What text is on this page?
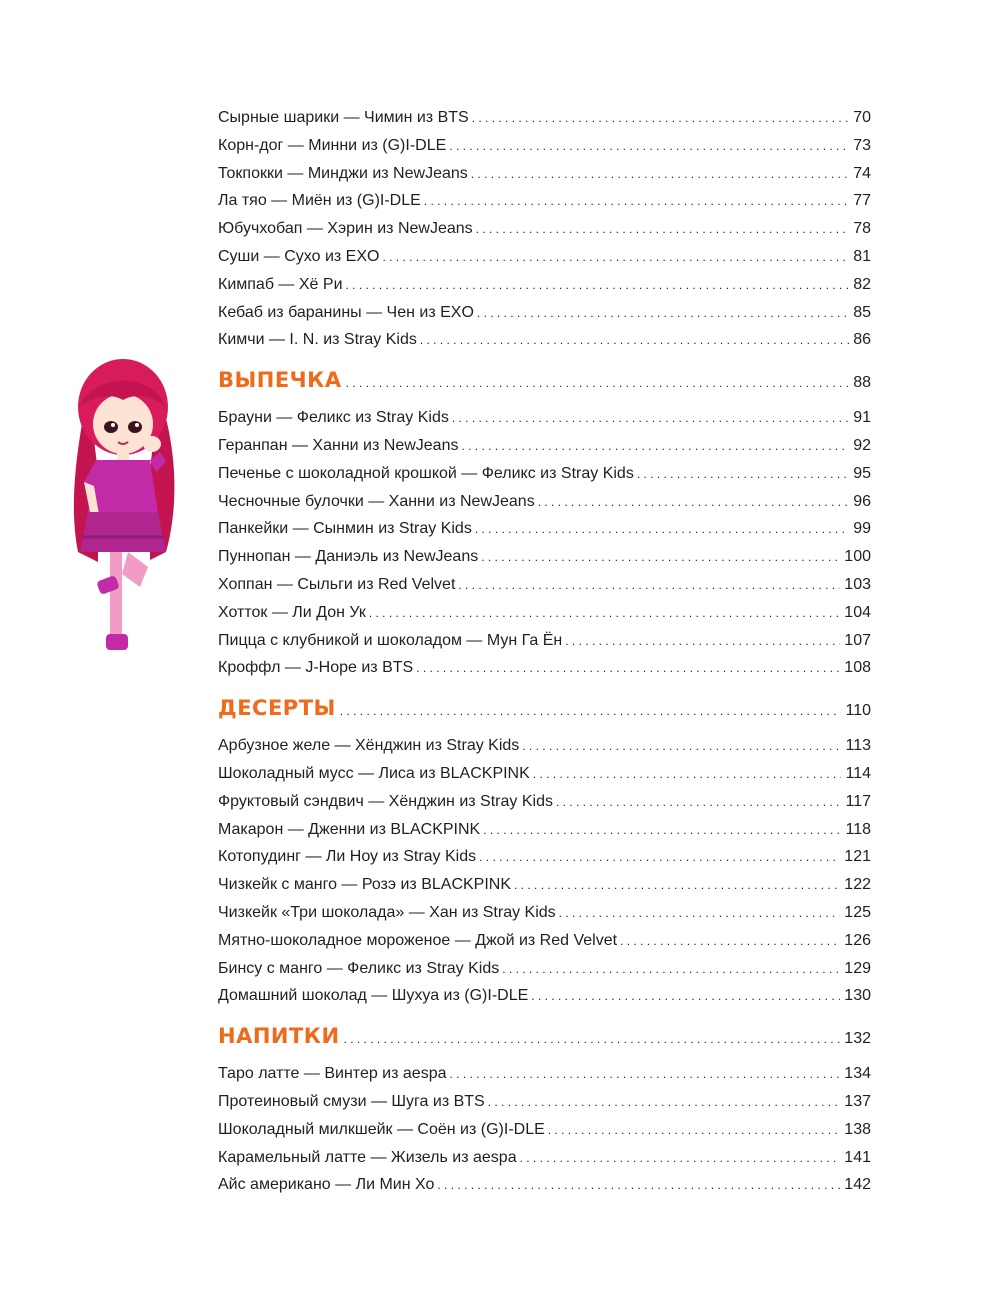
Сырные шарики — Чимин из BTS . . .	70
Корн-дог — Минни из (G)I-DLE . . .	73
Токпокки — Минджи из NewJeans . . .	74
Ла тяо — Миён из (G)I-DLE . . .	77
Юбучхобап — Хэрин из NewJeans . . .	78
Суши — Сухо из EXO . . .	81
Кимпаб — Хё Ри . . .	82
Кебаб из баранины — Чен из EXO . . .	85
Кимчи — I. N. из Stray Kids . . .	86
ВЫПЕЧКА . . .	88
Брауни — Феликс из Stray Kids . . .	91
Геранпан — Ханни из NewJeans . . .	92
Печенье с шоколадной крошкой — Феликс из Stray Kids . . .	95
Чесночные булочки — Ханни из NewJeans . . .	96
Панкейки — Сынмин из Stray Kids . . .	99
Пуннопан — Даниэль из NewJeans . . .	100
Хоппан — Сыльги из Red Velvet . . .	103
Хотток — Ли Дон Ук . . .	104
Пицца с клубникой и шоколадом — Мун Га Ён . . .	107
Кроффл — J-Hope из BTS . . .	108
ДЕСЕРТЫ . . .	110
Арбузное желе — Хёнджин из Stray Kids . . .	113
Шоколадный мусс — Лиса из BLACKPINK . . .	114
Фруктовый сэндвич — Хёнджин из Stray Kids . . .	117
Макарон — Дженни из BLACKPINK . . .	118
Котопудинг — Ли Ноу из Stray Kids . . .	121
Чизкейк с манго — Розэ из BLACKPINK . . .	122
Чизкейк «Три шоколада» — Хан из Stray Kids . . .	125
Мятно-шоколадное мороженое — Джой из Red Velvet . . .	126
Бинсу с манго — Феликс из Stray Kids . . .	129
Домашний шоколад — Шухуа из (G)I-DLE . . .	130
НАПИТКИ . . .	132
Таро латте — Винтер из aespa . . .	134
Протеиновый смузи — Шуга из BTS . . .	137
Шоколадный милкшейк — Соён из (G)I-DLE . . .	138
Карамельный латте — Жизель из aespa . . .	141
Айс американо — Ли Мин Хо . . .	142
